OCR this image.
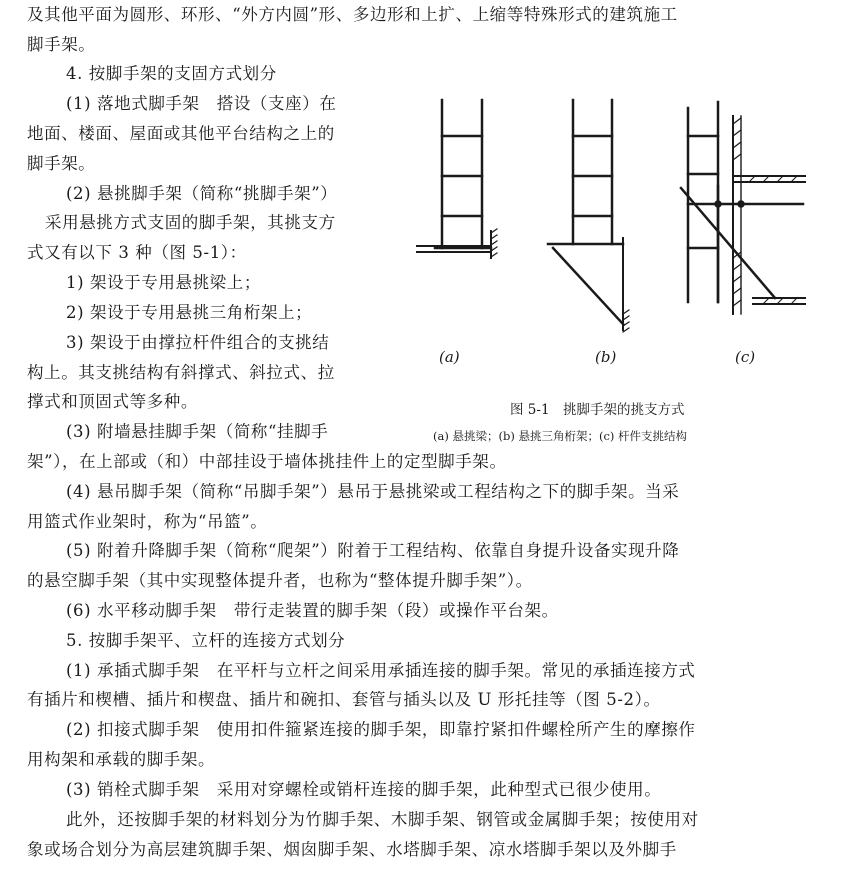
及其他平面为圆形、环形、“外方内圆”形、多边形和上扩、上缩等特殊形式的建筑施工
脚手架。
4. 按脚手架的支固方式划分
(1) 落地式脚手架　搭设（支座）在
地面、楼面、屋面或其他平台结构之上的
脚手架。
(2) 悬挑脚手架（简称“挑脚手架”）
采用悬挑方式支固的脚手架，其挑支方
式又有以下 3 种（图 5-1）：
1) 架设于专用悬挑梁上；
2) 架设于专用悬挑三角桁架上；
3) 架设于由撑拉杆件组合的支挑结
构上。其支挑结构有斜撑式、斜拉式、拉
撑式和顶固式等多种。
(3) 附墙悬挂脚手架（简称“挂脚手
架”），在上部或（和）中部挂设于墙体挑挂件上的定型脚手架。
(4) 悬吊脚手架（简称“吊脚手架”）悬吊于悬挑梁或工程结构之下的脚手架。当采
用篮式作业架时，称为“吊篮”。
(5) 附着升降脚手架（简称“爬架”）附着于工程结构、依靠自身提升设备实现升降
的悬空脚手架（其中实现整体提升者，也称为“整体提升脚手架”）。
(6) 水平移动脚手架　带行走装置的脚手架（段）或操作平台架。
5. 按脚手架平、立杆的连接方式划分
(1) 承插式脚手架　在平杆与立杆之间采用承插连接的脚手架。常见的承插连接方式
有插片和楔槽、插片和楔盘、插片和碗扣、套管与插头以及 U 形托挂等（图 5-2）。
(2) 扣接式脚手架　使用扣件箍紧连接的脚手架，即靠拧紧扣件螺栓所产生的摩擦作
用构架和承载的脚手架。
(3) 销栓式脚手架　采用对穿螺栓或销杆连接的脚手架，此种型式已很少使用。
此外，还按脚手架的材料划分为竹脚手架、木脚手架、钢管或金属脚手架；按使用对
象或场合划分为高层建筑脚手架、烟囱脚手架、水塔脚手架、凉水塔脚手架以及外脚手
(a)	(b)	(c)
图 5-1　挑脚手架的挑支方式
(a) 悬挑梁；(b) 悬挑三角桁架；(c) 杆件支挑结构
